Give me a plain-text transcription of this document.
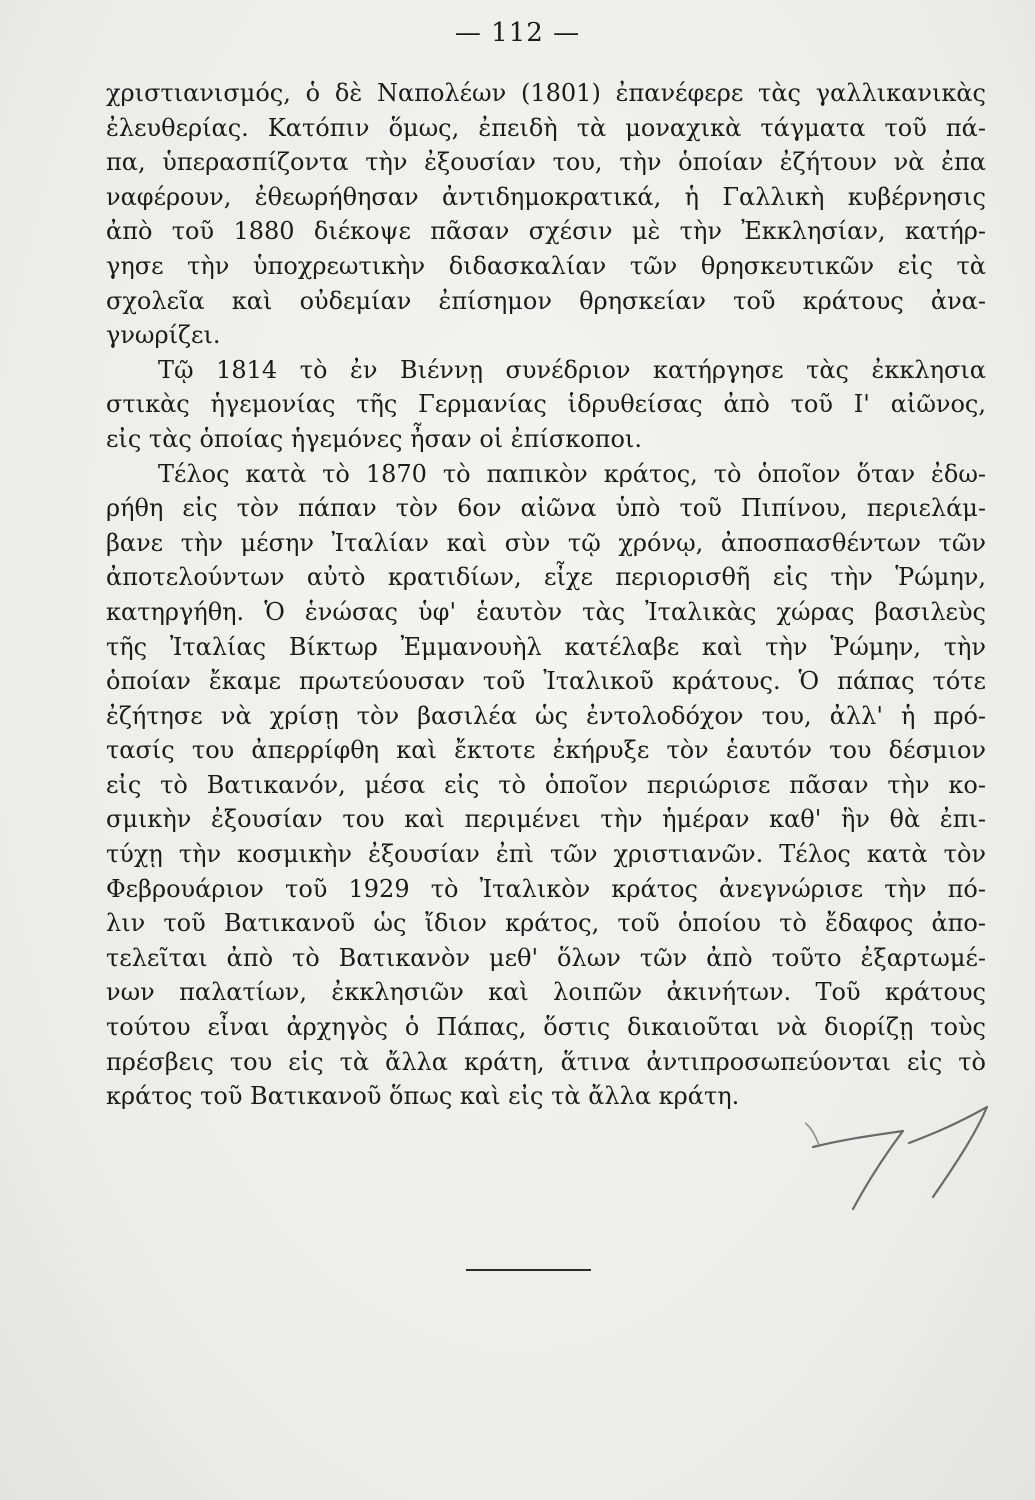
— 112 —
χριστιανισμός, ὁ δὲ Ναπολέων (1801) ἐπανέφερε τὰς γαλλικανικὰς
ἐλευθερίας. Κατόπιν ὅμως, ἐπειδὴ τὰ μοναχικὰ τάγματα τοῦ πά-
πα, ὑπερασπίζοντα τὴν ἐξουσίαν του, τὴν ὁποίαν ἐζήτουν νὰ ἐπα
ναφέρουν, ἐθεωρήθησαν ἀντιδημοκρατικά, ἡ Γαλλικὴ κυβέρνησις
ἀπὸ τοῦ 1880 διέκοψε πᾶσαν σχέσιν μὲ τὴν Ἐκκλησίαν, κατήρ-
γησε τὴν ὑποχρεωτικὴν διδασκαλίαν τῶν θρησκευτικῶν εἰς τὰ
σχολεῖα καὶ οὐδεμίαν ἐπίσημον θρησκείαν τοῦ κράτους ἀνα-
γνωρίζει.
Τῷ 1814 τὸ ἐν Βιέννῃ συνέδριον κατήργησε τὰς ἐκκλησια
στικὰς ἡγεμονίας τῆς Γερμανίας ἱδρυθείσας ἀπὸ τοῦ Ι' αἰῶνος,
εἰς τὰς ὁποίας ἡγεμόνες ἦσαν οἱ ἐπίσκοποι.
Τέλος κατὰ τὸ 1870 τὸ παπικὸν κράτος, τὸ ὁποῖον ὅταν ἐδω-
ρήθη εἰς τὸν πάπαν τὸν 6ον αἰῶνα ὑπὸ τοῦ Πιπίνου, περιελάμ-
βανε τὴν μέσην Ἰταλίαν καὶ σὺν τῷ χρόνῳ, ἀποσπασθέντων τῶν
ἀποτελούντων αὐτὸ κρατιδίων, εἶχε περιορισθῆ εἰς τὴν Ῥώμην,
κατηργήθη. Ὁ ἑνώσας ὑφ' ἑαυτὸν τὰς Ἰταλικὰς χώρας βασιλεὺς
τῆς Ἰταλίας Βίκτωρ Ἐμμανουὴλ κατέλαβε καὶ τὴν Ῥώμην, τὴν
ὁποίαν ἔκαμε πρωτεύουσαν τοῦ Ἰταλικοῦ κράτους. Ὁ πάπας τότε
ἐζήτησε νὰ χρίσῃ τὸν βασιλέα ὡς ἐντολοδόχον του, ἀλλ' ἡ πρό-
τασίς του ἀπερρίφθη καὶ ἔκτοτε ἐκήρυξε τὸν ἑαυτόν του δέσμιον
εἰς τὸ Βατικανόν, μέσα εἰς τὸ ὁποῖον περιώρισε πᾶσαν τὴν κο-
σμικὴν ἐξουσίαν του καὶ περιμένει τὴν ἡμέραν καθ' ἣν θὰ ἐπι-
τύχῃ τὴν κοσμικὴν ἐξουσίαν ἐπὶ τῶν χριστιανῶν. Τέλος κατὰ τὸν
Φεβρουάριον τοῦ 1929 τὸ Ἰταλικὸν κράτος ἀνεγνώρισε τὴν πό-
λιν τοῦ Βατικανοῦ ὡς ἴδιον κράτος, τοῦ ὁποίου τὸ ἔδαφος ἀπο-
τελεῖται ἀπὸ τὸ Βατικανὸν μεθ' ὅλων τῶν ἀπὸ τοῦτο ἐξαρτωμέ-
νων παλατίων, ἐκκλησιῶν καὶ λοιπῶν ἀκινήτων. Τοῦ κράτους
τούτου εἶναι ἀρχηγὸς ὁ Πάπας, ὅστις δικαιοῦται νὰ διορίζῃ τοὺς
πρέσβεις του εἰς τὰ ἄλλα κράτη, ἅτινα ἀντιπροσωπεύονται εἰς τὸ
κράτος τοῦ Βατικανοῦ ὅπως καὶ εἰς τὰ ἄλλα κράτη.
